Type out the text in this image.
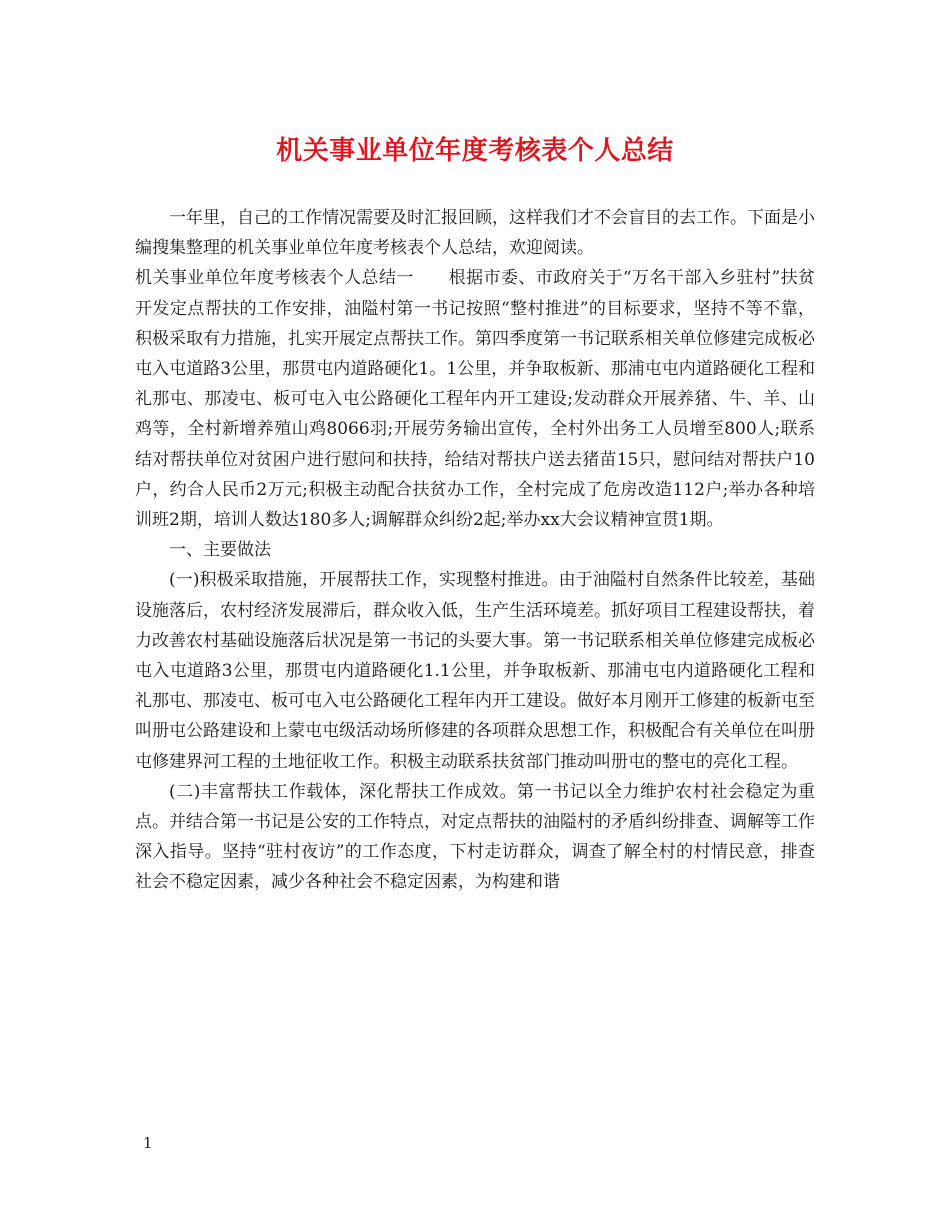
机关事业单位年度考核表个人总结

一年里，自己的工作情况需要及时汇报回顾，这样我们才不会盲目的去工作。下面是小编搜集整理的机关事业单位年度考核表个人总结，欢迎阅读。

机关事业单位年度考核表个人总结一　　根据市委、市政府关于“万名干部入乡驻村”扶贫开发定点帮扶的工作安排，油隘村第一书记按照“整村推进”的目标要求，坚持不等不靠，积极采取有力措施，扎实开展定点帮扶工作。第四季度第一书记联系相关单位修建完成板必屯入屯道路3公里，那贯屯内道路硬化1。1公里，并争取板新、那浦屯屯内道路硬化工程和礼那屯、那凌屯、板可屯入屯公路硬化工程年内开工建设;发动群众开展养猪、牛、羊、山鸡等，全村新增养殖山鸡8066羽;开展劳务输出宣传，全村外出务工人员增至800人;联系结对帮扶单位对贫困户进行慰问和扶持，给结对帮扶户送去猪苗15只，慰问结对帮扶户10户，约合人民币2万元;积极主动配合扶贫办工作，全村完成了危房改造112户;举办各种培训班2期，培训人数达180多人;调解群众纠纷2起;举办xx大会议精神宣贯1期。

一、主要做法

(一)积极采取措施，开展帮扶工作，实现整村推进。由于油隘村自然条件比较差，基础设施落后，农村经济发展滞后，群众收入低，生产生活环境差。抓好项目工程建设帮扶，着力改善农村基础设施落后状况是第一书记的头要大事。第一书记联系相关单位修建完成板必屯入屯道路3公里，那贯屯内道路硬化1.1公里，并争取板新、那浦屯屯内道路硬化工程和礼那屯、那凌屯、板可屯入屯公路硬化工程年内开工建设。做好本月刚开工修建的板新屯至叫册屯公路建设和上蒙屯屯级活动场所修建的各项群众思想工作，积极配合有关单位在叫册屯修建界河工程的土地征收工作。积极主动联系扶贫部门推动叫册屯的整屯的亮化工程。

(二)丰富帮扶工作载体，深化帮扶工作成效。第一书记以全力维护农村社会稳定为重点。并结合第一书记是公安的工作特点，对定点帮扶的油隘村的矛盾纠纷排查、调解等工作深入指导。坚持“驻村夜访”的工作态度，下村走访群众，调查了解全村的村情民意，排查社会不稳定因素，减少各种社会不稳定因素，为构建和谐

1
